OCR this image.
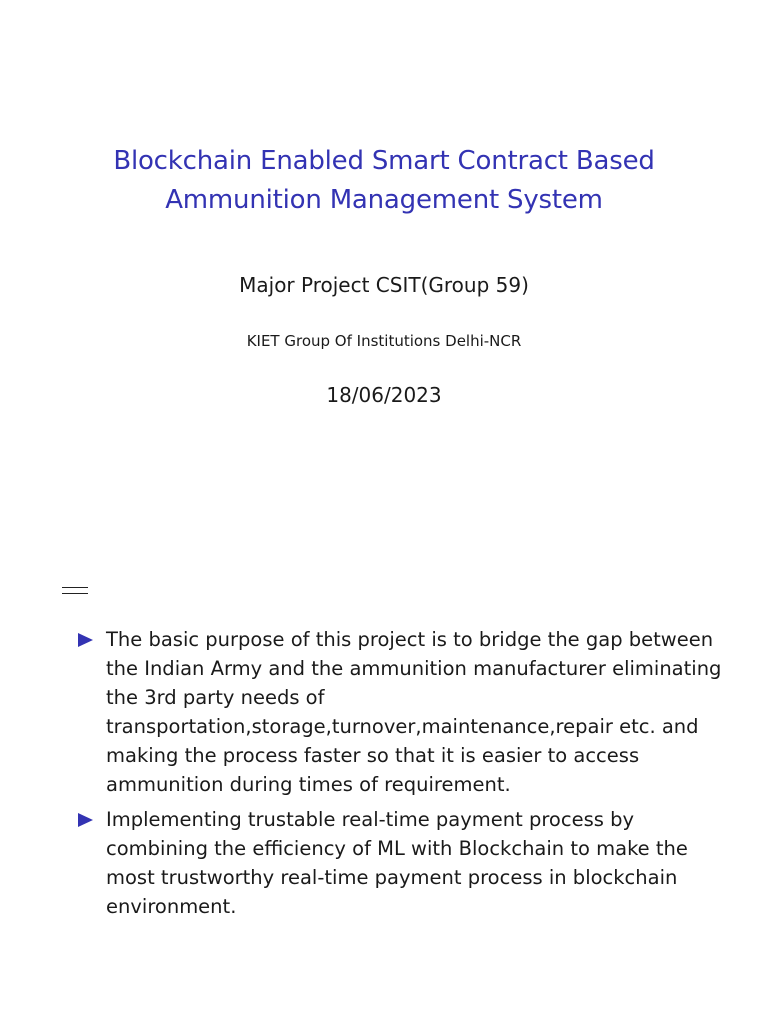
Blockchain Enabled Smart Contract Based
Ammunition Management System
Major Project CSIT(Group 59)
KIET Group Of Institutions Delhi-NCR
18/06/2023
The basic purpose of this project is to bridge the gap between
the Indian Army and the ammunition manufacturer eliminating
the 3rd party needs of
transportation,storage,turnover,maintenance,repair etc. and
making the process faster so that it is easier to access
ammunition during times of requirement.
Implementing trustable real-time payment process by
combining the efficiency of ML with Blockchain to make the
most trustworthy real-time payment process in blockchain
environment.
